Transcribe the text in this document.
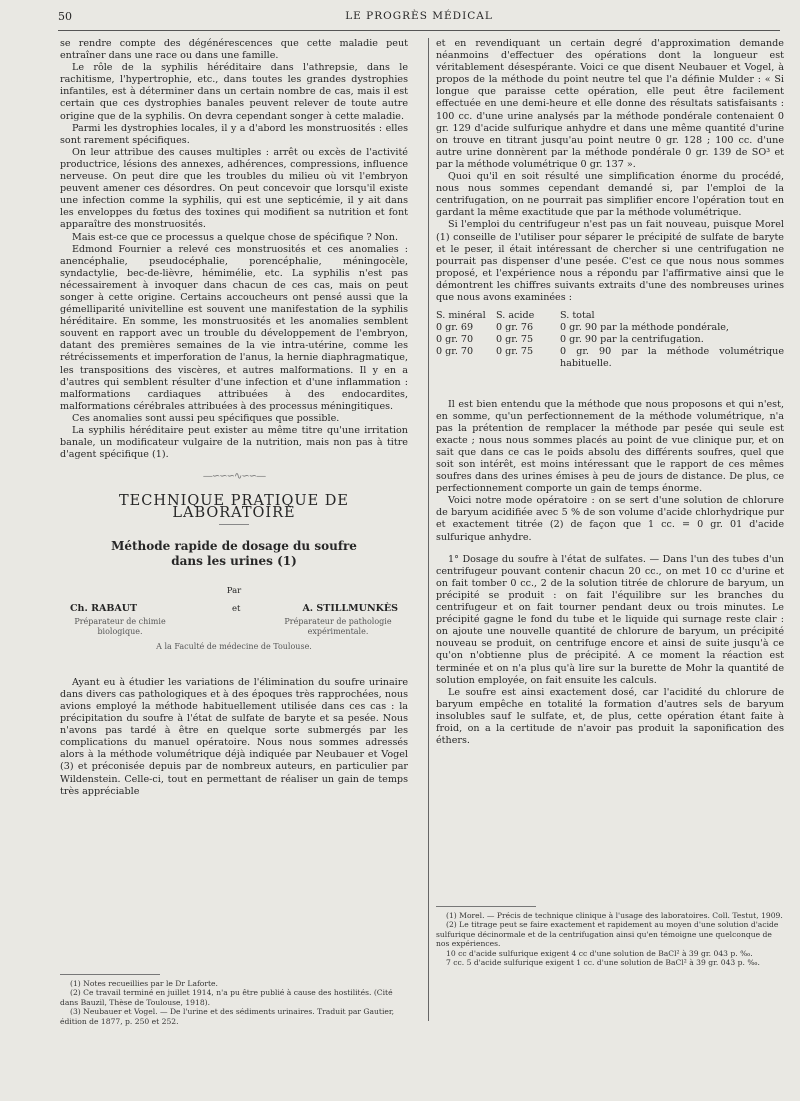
50	LE PROGRÈS MÉDICAL

se rendre compte des dégénérescences que cette maladie peut entraîner dans une race ou dans une famille.

Le rôle de la syphilis héréditaire dans l'athrepsie, dans le rachitisme, l'hypertrophie, etc., dans toutes les grandes dystrophies infantiles, est à déterminer dans un certain nombre de cas, mais il est certain que ces dystrophies banales peuvent relever de toute autre origine que de la syphilis. On devra cependant songer à cette maladie.

Parmi les dystrophies locales, il y a d'abord les monstruosités : elles sont rarement spécifiques.

On leur attribue des causes multiples : arrêt ou excès de l'activité productrice, lésions des annexes, adhérences, compressions, influence nerveuse. On peut dire que les troubles du milieu où vit l'embryon peuvent amener ces désordres. On peut concevoir que lorsqu'il existe une infection comme la syphilis, qui est une septicémie, il y ait dans les enveloppes du fœtus des toxines qui modifient sa nutrition et font apparaître des monstruosités.

Mais est-ce que ce processus a quelque chose de spécifique ? Non.

Edmond Fournier a relevé ces monstruosités et ces anomalies : anencéphalie, pseudocéphalie, porencéphalie, méningocèle, syndactylie, bec-de-lièvre, hémimélie, etc. La syphilis n'est pas nécessairement à invoquer dans chacun de ces cas, mais on peut songer à cette origine. Certains accoucheurs ont pensé aussi que la gémelliparité univitelline est souvent une manifestation de la syphilis héréditaire. En somme, les monstruosités et les anomalies semblent souvent en rapport avec un trouble du développement de l'embryon, datant des premières semaines de la vie intra-utérine, comme les rétrécissements et imperforation de l'anus, la hernie diaphragmatique, les transpositions des viscères, et autres malformations. Il y en a d'autres qui semblent résulter d'une infection et d'une inflammation : malformations cardiaques attribuées à des endocardites, malformations cérébrales attribuées à des processus méningitiques.

Ces anomalies sont aussi peu spécifiques que possible.

La syphilis héréditaire peut exister au même titre qu'une irritation banale, un modificateur vulgaire de la nutrition, mais non pas à titre d'agent spécifique (1).

—∽∽∽∿∽∽—
TECHNIQUE PRATIQUE DE LABORATOIRE
Méthode rapide de dosage du soufre
dans les urines (1)
Par
Ch. RABAUT	et	A. STILLMUNKÈS
Préparateur de chimie biologique.
Préparateur de pathologie expérimentale.
A la Faculté de médecine de Toulouse.

Ayant eu à étudier les variations de l'élimination du soufre urinaire dans divers cas pathologiques et à des époques très rapprochées, nous avions employé la méthode habituellement utilisée dans ces cas : la précipitation du soufre à l'état de sulfate de baryte et sa pesée. Nous n'avons pas tardé à être en quelque sorte submergés par les complications du manuel opératoire. Nous nous sommes adressés alors à la méthode volumétrique déjà indiquée par Neubauer et Vogel (3) et préconisée depuis par de nombreux auteurs, en particulier par Wildenstein. Celle-ci, tout en permettant de réaliser un gain de temps très appréciable

(1) Notes recueillies par le Dr Laforte.

(2) Ce travail terminé en juillet 1914, n'a pu être publié à cause des hostilités. (Cité dans Bauzil, Thèse de Toulouse, 1918).

(3) Neubauer et Vogel. — De l'urine et des sédiments urinaires. Traduit par Gautier, édition de 1877, p. 250 et 252.

et en revendiquant un certain degré d'approximation demande néanmoins d'effectuer des opérations dont la longueur est véritablement désespérante. Voici ce que disent Neubauer et Vogel, à propos de la méthode du point neutre tel que l'a définie Mulder : « Si longue que paraisse cette opération, elle peut être facilement effectuée en une demi-heure et elle donne des résultats satisfaisants : 100 cc. d'une urine analysés par la méthode pondérale contenaient 0 gr. 129 d'acide sulfurique anhydre et dans une même quantité d'urine on trouve en titrant jusqu'au point neutre 0 gr. 128 ; 100 cc. d'une autre urine donnèrent par la méthode pondérale 0 gr. 139 de SO³ et par la méthode volumétrique 0 gr. 137 ».

Quoi qu'il en soit résulté une simplification énorme du procédé, nous nous sommes cependant demandé si, par l'emploi de la centrifugation, on ne pourrait pas simplifier encore l'opération tout en gardant la même exactitude que par la méthode volumétrique.

Si l'emploi du centrifugeur n'est pas un fait nouveau, puisque Morel (1) conseille de l'utiliser pour séparer le précipité de sulfate de baryte et le peser, il était intéressant de chercher si une centrifugation ne pourrait pas dispenser d'une pesée. C'est ce que nous nous sommes proposé, et l'expérience nous a répondu par l'affirmative ainsi que le démontrent les chiffres suivants extraits d'une des nombreuses urines que nous avons examinées :

S. minéral	S. acide	S. total
0 gr. 69	0 gr. 76	0 gr. 90 par la méthode pondérale,
0 gr. 70	0 gr. 75	0 gr. 90 par la centrifugation.
0 gr. 70	0 gr. 75	0 gr. 90 par la méthode volumétrique habituelle.

Il est bien entendu que la méthode que nous proposons et qui n'est, en somme, qu'un perfectionnement de la méthode volumétrique, n'a pas la prétention de remplacer la méthode par pesée qui seule est exacte ; nous nous sommes placés au point de vue clinique pur, et on sait que dans ce cas le poids absolu des différents soufres, quel que soit son intérêt, est moins intéressant que le rapport de ces mêmes soufres dans des urines émises à peu de jours de distance. De plus, ce perfectionnement comporte un gain de temps énorme.

Voici notre mode opératoire : on se sert d'une solution de chlorure de baryum acidifiée avec 5 % de son volume d'acide chlorhydrique pur et exactement titrée (2) de façon que 1 cc. = 0 gr. 01 d'acide sulfurique anhydre.

1° Dosage du soufre à l'état de sulfates. — Dans l'un des tubes d'un centrifugeur pouvant contenir chacun 20 cc., on met 10 cc d'urine et on fait tomber 0 cc., 2 de la solution titrée de chlorure de baryum, un précipité se produit : on fait l'équilibre sur les branches du centrifugeur et on fait tourner pendant deux ou trois minutes. Le précipité gagne le fond du tube et le liquide qui surnage reste clair : on ajoute une nouvelle quantité de chlorure de baryum, un précipité nouveau se produit, on centrifuge encore et ainsi de suite jusqu'à ce qu'on n'obtienne plus de précipité. A ce moment la réaction est terminée et on n'a plus qu'à lire sur la burette de Mohr la quantité de solution employée, on fait ensuite les calculs.

Le soufre est ainsi exactement dosé, car l'acidité du chlorure de baryum empêche en totalité la formation d'autres sels de baryum insolubles sauf le sulfate, et, de plus, cette opération étant faite à froid, on a la certitude de n'avoir pas produit la saponification des éthers.

(1) Morel. — Précis de technique clinique à l'usage des laboratoires. Coll. Testut, 1909.

(2) Le titrage peut se faire exactement et rapidement au moyen d'une solution d'acide sulfurique décinormale et de la centrifugation ainsi qu'en témoigne une quelconque de nos expériences.

10 cc d'acide sulfurique exigent 4 cc d'une solution de BaCl² à 39 gr. 043 p. ‰.

7 cc. 5 d'acide sulfurique exigent 1 cc. d'une solution de BaCl² à 39 gr. 043 p. ‰.
